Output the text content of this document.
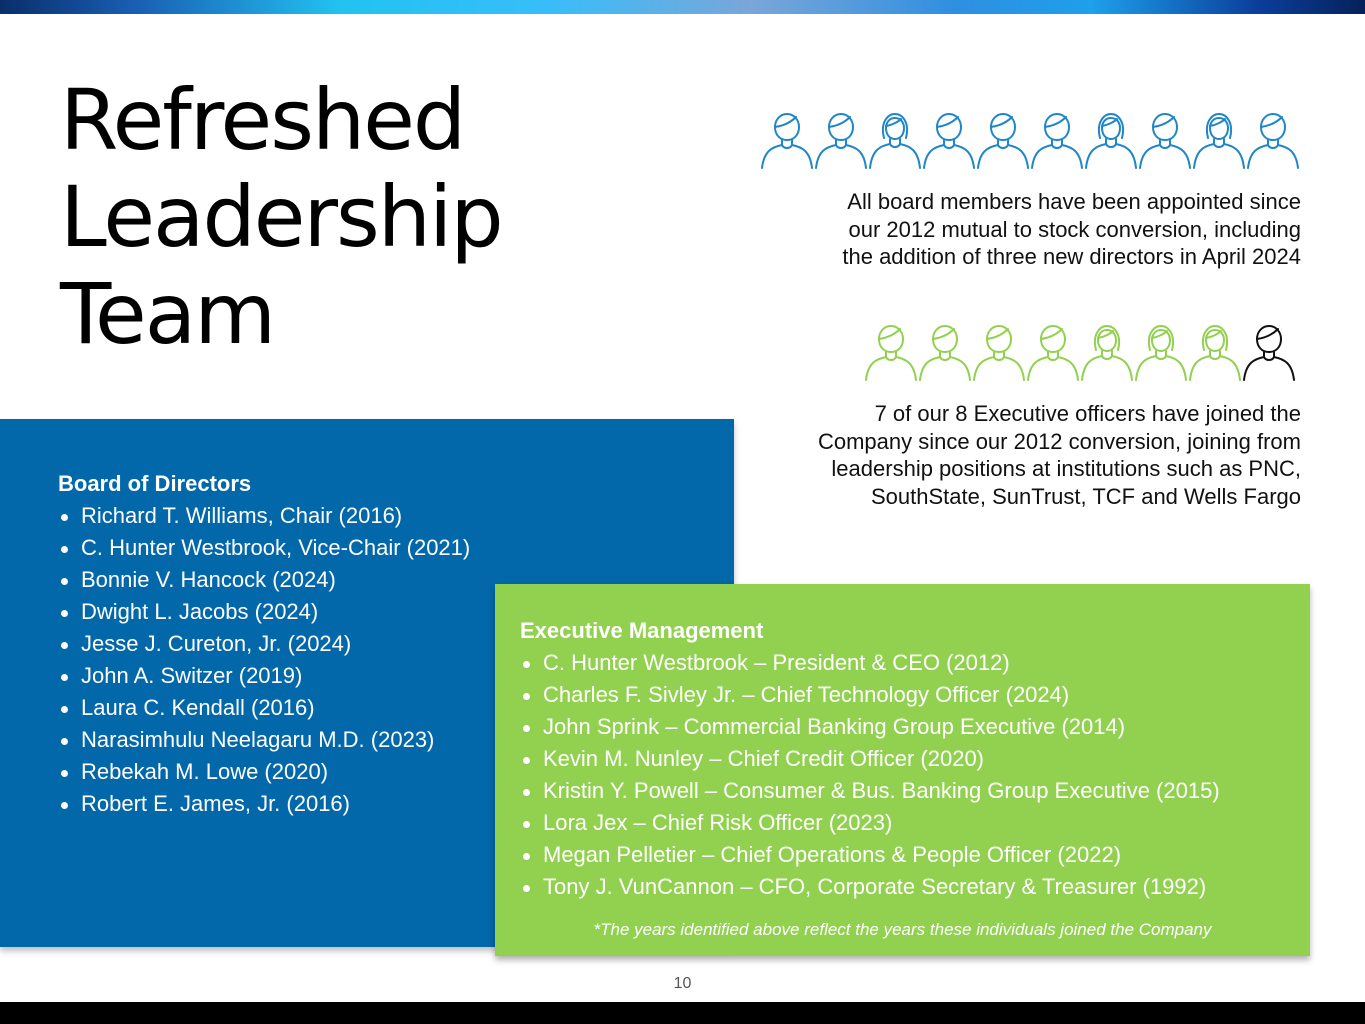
Refreshed
Leadership
Team

All board members have been appointed since
our 2012 mutual to stock conversion, including
the addition of three new directors in April 2024

7 of our 8 Executive officers have joined the
Company since our 2012 conversion, joining from
leadership positions at institutions such as PNC,
SouthState, SunTrust, TCF and Wells Fargo

Board of Directors
Richard T. Williams, Chair (2016)
C. Hunter Westbrook, Vice-Chair (2021)
Bonnie V. Hancock (2024)
Dwight L. Jacobs (2024)
Jesse J. Cureton, Jr. (2024)
John A. Switzer (2019)
Laura C. Kendall (2016)
Narasimhulu Neelagaru M.D. (2023)
Rebekah M. Lowe (2020)
Robert E. James, Jr. (2016)
Executive Management
C. Hunter Westbrook – President & CEO (2012)
Charles F. Sivley Jr. – Chief Technology Officer (2024)
John Sprink – Commercial Banking Group Executive (2014)
Kevin M. Nunley – Chief Credit Officer (2020)
Kristin Y. Powell – Consumer & Bus. Banking Group Executive (2015)
Lora Jex – Chief Risk Officer (2023)
Megan Pelletier – Chief Operations & People Officer (2022)
Tony J. VunCannon – CFO, Corporate Secretary & Treasurer (1992)
*The years identified above reflect the years these individuals joined the Company
10
